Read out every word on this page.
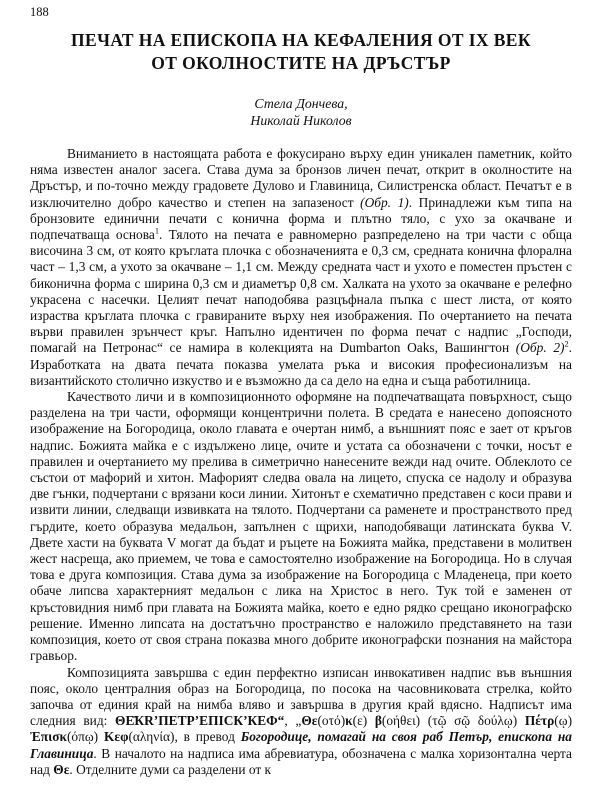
188
ПЕЧАТ НА ЕПИСКОПА НА КЕФАЛЕНИЯ ОТ IX ВЕК
ОТ ОКОЛНОСТИТЕ НА ДРЪСТЪР
Стела Дончева,
Николай Николов

Вниманието в настоящата работа е фокусирано върху един уникален паметник, който няма известен аналог засега. Става дума за бронзов личен печат, открит в околностите на Дръстър, и по-точно между градовете Дулово и Главиница, Силистренска област. Печатът е в изключително добро качество и степен на запазеност (Обр. 1). Принадлежи към типа на бронзовите единични печати с конична форма и плътно тяло, с ухо за окачване и подпечатваща основа$^1$. Тялото на печата е равномерно разпределено на три части с обща височина 3 см, от която кръглата плочка с обозначенията е 0,3 см, средната конична флорална част – 1,3 см, а ухото за окачване – 1,1 см. Между средната част и ухото е поместен пръстен с биконична форма с ширина 0,3 см и диаметър 0,8 см. Халката на ухото за окачване е релефно украсена с насечки. Целият печат наподобява разцъфнала пъпка с шест листа, от която израства кръглата плочка с гравираните върху нея изображения. По очертанието на печата върви правилен зрънчест кръг. Напълно идентичен по форма печат с надпис „Господи, помагай на Петронас“ се намира в колекцията на Dumbarton Oaks, Вашингтон (Обр. 2)$^2$. Изработката на двата печата показва умелата ръка и високия професионализъм на византийското столично изкуство и е възможно да са дело на една и съща работилница.

Качеството личи и в композиционното оформяне на подпечатващата повърхност, също разделена на три части, оформящи концентрични полета. В средата е нанесено допоясното изображение на Богородица, около главата е очертан нимб, а външният пояс е зает от кръгов надпис. Божията майка е с издължено лице, очите и устата са обозначени с точки, носът е правилен и очертанието му прелива в симетрично нанесените вежди над очите. Облеклото се състои от мафорий и хитон. Мафорият следва овала на лицето, спуска се надолу и образува две гънки, подчертани с врязани коси линии. Хитонът е схематично представен с коси прави и извити линии, следващи извивката на тялото. Подчертани са раменете и пространството пред гърдите, което образува медальон, запълнен с щрихи, наподобяващи латинската буква V. Двете хасти на буквата V могат да бъдат и ръцете на Божията майка, представени в молитвен жест насреща, ако приемем, че това е самостоятелно изображение на Богородица. Но в случая това е друга композиция. Става дума за изображение на Богородица с Младенеца, при което обаче липсва характерният медальон с лика на Христос в него. Тук той е заменен от кръстовидния нимб при главата на Божията майка, което е едно рядко срещано иконографско решение. Именно липсата на достатъчно пространство е наложило представянето на тази композиция, което от своя страна показва много добрите иконографски познания на майстора гравьор.

Композицията завършва с един перфектно изписан инвокативен надпис във външния пояс, около централния образ на Богородица, по посока на часовниковата стрелка, който започва от единия край на нимба вляво и завършва в другия край вдясно. Надписът има следния вид: ΘЕ̄КR’ПЕТР’ЕПІСК’КЕФ“, „Θε(οτό)κ(ε) β(οήθει) (τῷ σῷ δούλῳ) Πέτρ(ῳ) Ἐπισκ(όπῳ) Κεφ(αληνία), в превод Богородице, помагай на своя раб Петър, епископа на Главиница. В началото на надписа има абревиатура, обозначена с малка хоризонтална черта над Θε. Отделните думи са разделени от к
